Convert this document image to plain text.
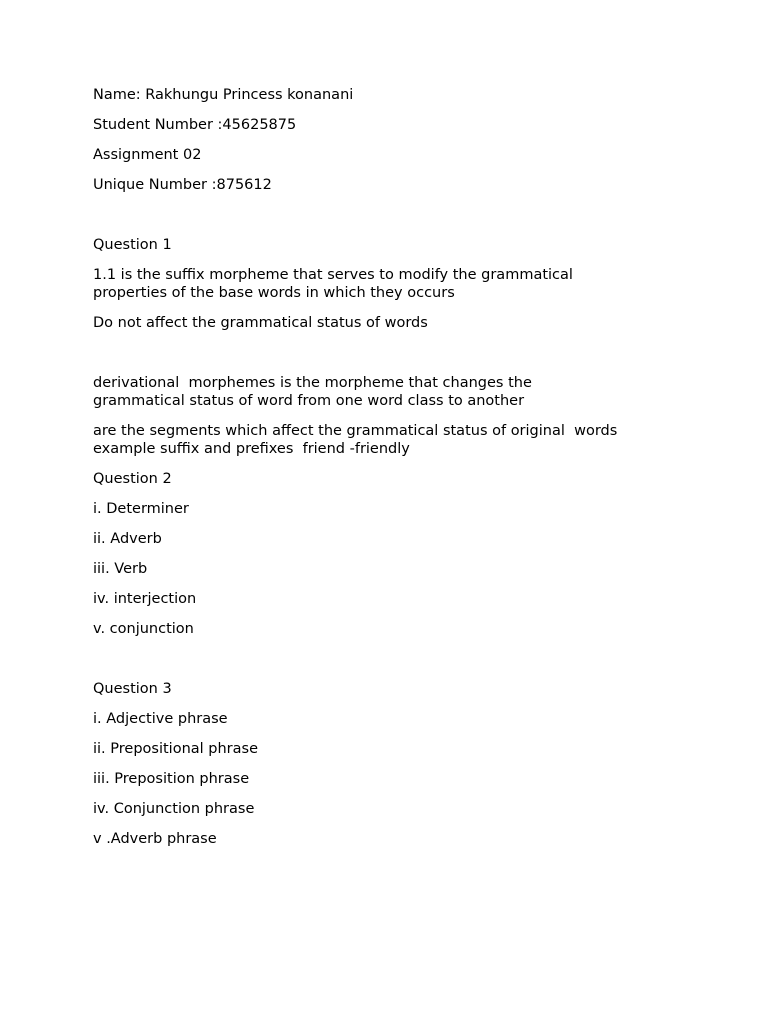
Name: Rakhungu Princess konanani
Student Number :45625875
Assignment 02
Unique Number :875612
Question 1
1.1 is the suffix morpheme that serves to modify the grammatical
properties of the base words in which they occurs
Do not affect the grammatical status of words
derivational  morphemes is the morpheme that changes the
grammatical status of word from one word class to another
are the segments which affect the grammatical status of original  words
example suffix and prefixes  friend -friendly
Question 2
i. Determiner
ii. Adverb
iii. Verb
iv. interjection
v. conjunction
Question 3
i. Adjective phrase
ii. Prepositional phrase
iii. Preposition phrase
iv. Conjunction phrase
v .Adverb phrase
